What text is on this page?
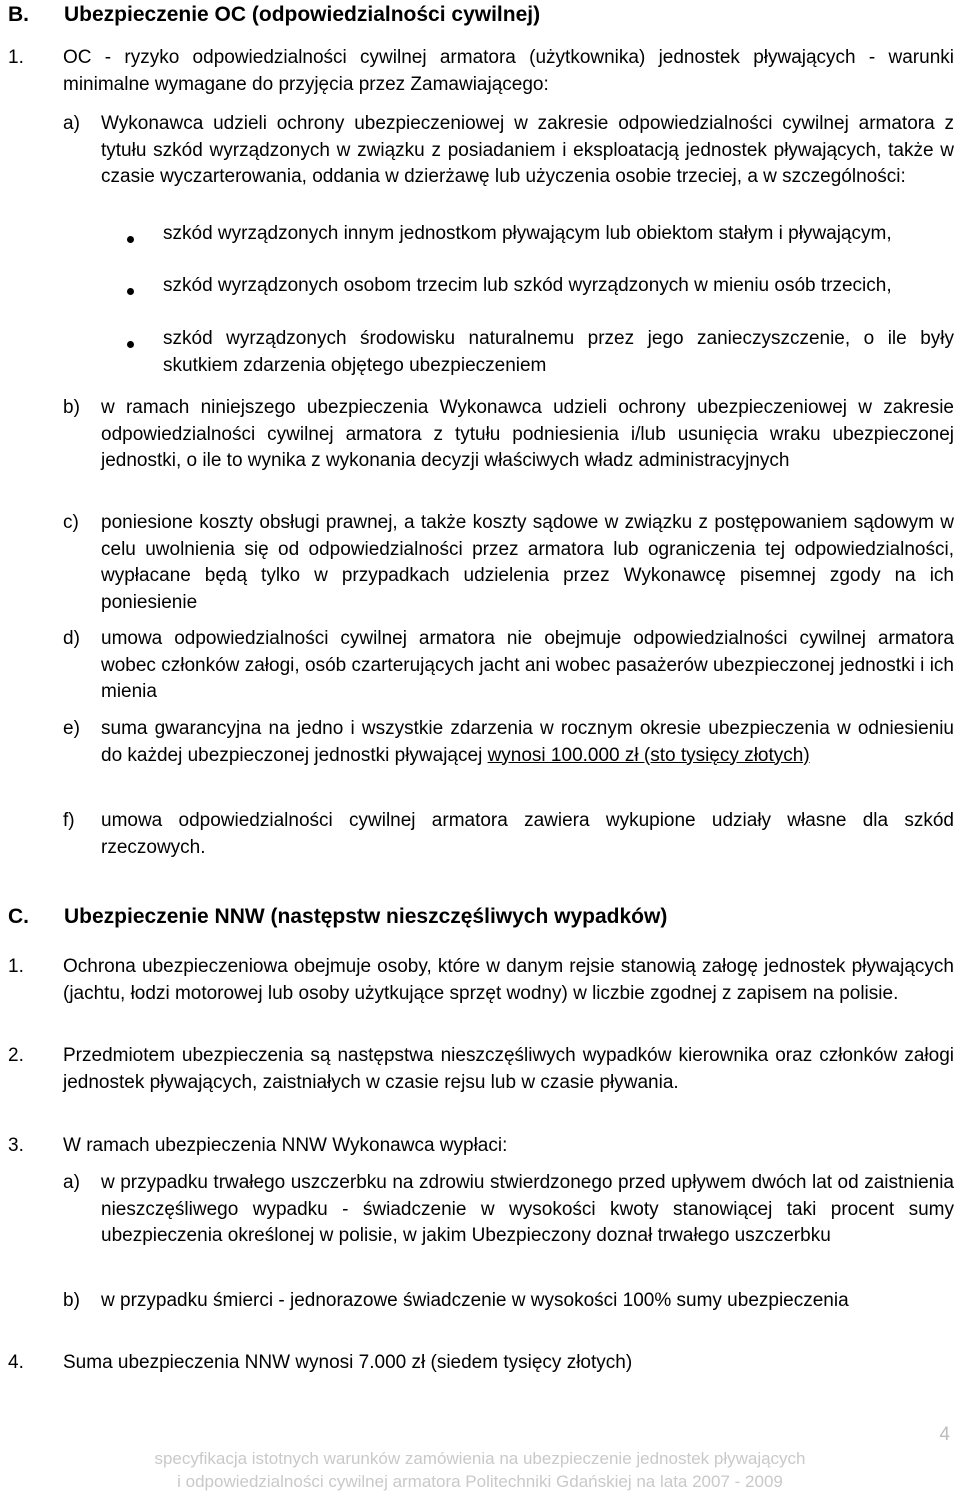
B. Ubezpieczenie OC (odpowiedzialności cywilnej)
1. OC - ryzyko odpowiedzialności cywilnej armatora (użytkownika) jednostek pływających - warunki minimalne wymagane do przyjęcia przez Zamawiającego:
a) Wykonawca udzieli ochrony ubezpieczeniowej w zakresie odpowiedzialności cywilnej armatora z tytułu szkód wyrządzonych w związku z posiadaniem i eksploatacją jednostek pływających, także w czasie wyczarterowania, oddania w dzierżawę lub użyczenia osobie trzeciej, a w szczególności:
szkód wyrządzonych innym jednostkom pływającym lub obiektom stałym i pływającym,
szkód wyrządzonych osobom trzecim lub szkód wyrządzonych w mieniu osób trzecich,
szkód wyrządzonych środowisku naturalnemu przez jego zanieczyszczenie, o ile były skutkiem zdarzenia objętego ubezpieczeniem
b) w ramach niniejszego ubezpieczenia Wykonawca udzieli ochrony ubezpieczeniowej w zakresie odpowiedzialności cywilnej armatora z tytułu podniesienia i/lub usunięcia wraku ubezpieczonej jednostki, o ile to wynika z wykonania decyzji właściwych władz administracyjnych
c) poniesione koszty obsługi prawnej, a także koszty sądowe w związku z postępowaniem sądowym w celu uwolnienia się od odpowiedzialności przez armatora lub ograniczenia tej odpowiedzialności, wypłacane będą tylko w przypadkach udzielenia przez Wykonawcę pisemnej zgody na ich poniesienie
d) umowa odpowiedzialności cywilnej armatora nie obejmuje odpowiedzialności cywilnej armatora wobec członków załogi, osób czarterujących jacht ani wobec pasażerów ubezpieczonej jednostki i ich mienia
e) suma gwarancyjna na jedno i wszystkie zdarzenia w rocznym okresie ubezpieczenia w odniesieniu do każdej ubezpieczonej jednostki pływającej wynosi 100.000 zł (sto tysięcy złotych)
f) umowa odpowiedzialności cywilnej armatora zawiera wykupione udziały własne dla szkód rzeczowych.
C. Ubezpieczenie NNW (następstw nieszczęśliwych wypadków)
1. Ochrona ubezpieczeniowa obejmuje osoby, które w danym rejsie stanowią załogę jednostek pływających (jachtu, łodzi motorowej lub osoby użytkujące sprzęt wodny) w liczbie zgodnej z zapisem na polisie.
2. Przedmiotem ubezpieczenia są następstwa nieszczęśliwych wypadków kierownika oraz członków załogi jednostek pływających, zaistniałych w czasie rejsu lub w czasie pływania.
3. W ramach ubezpieczenia NNW Wykonawca wypłaci:
a) w przypadku trwałego uszczerbku na zdrowiu stwierdzonego przed upływem dwóch lat od zaistnienia nieszczęśliwego wypadku - świadczenie w wysokości kwoty stanowiącej taki procent sumy ubezpieczenia określonej w polisie, w jakim Ubezpieczony doznał trwałego uszczerbku
b) w przypadku śmierci - jednorazowe świadczenie w wysokości 100% sumy ubezpieczenia
4. Suma ubezpieczenia NNW wynosi 7.000 zł (siedem tysięcy złotych)
4
specyfikacja istotnych warunków zamówienia na ubezpieczenie jednostek pływających
i odpowiedzialności cywilnej armatora Politechniki Gdańskiej na lata 2007 - 2009
